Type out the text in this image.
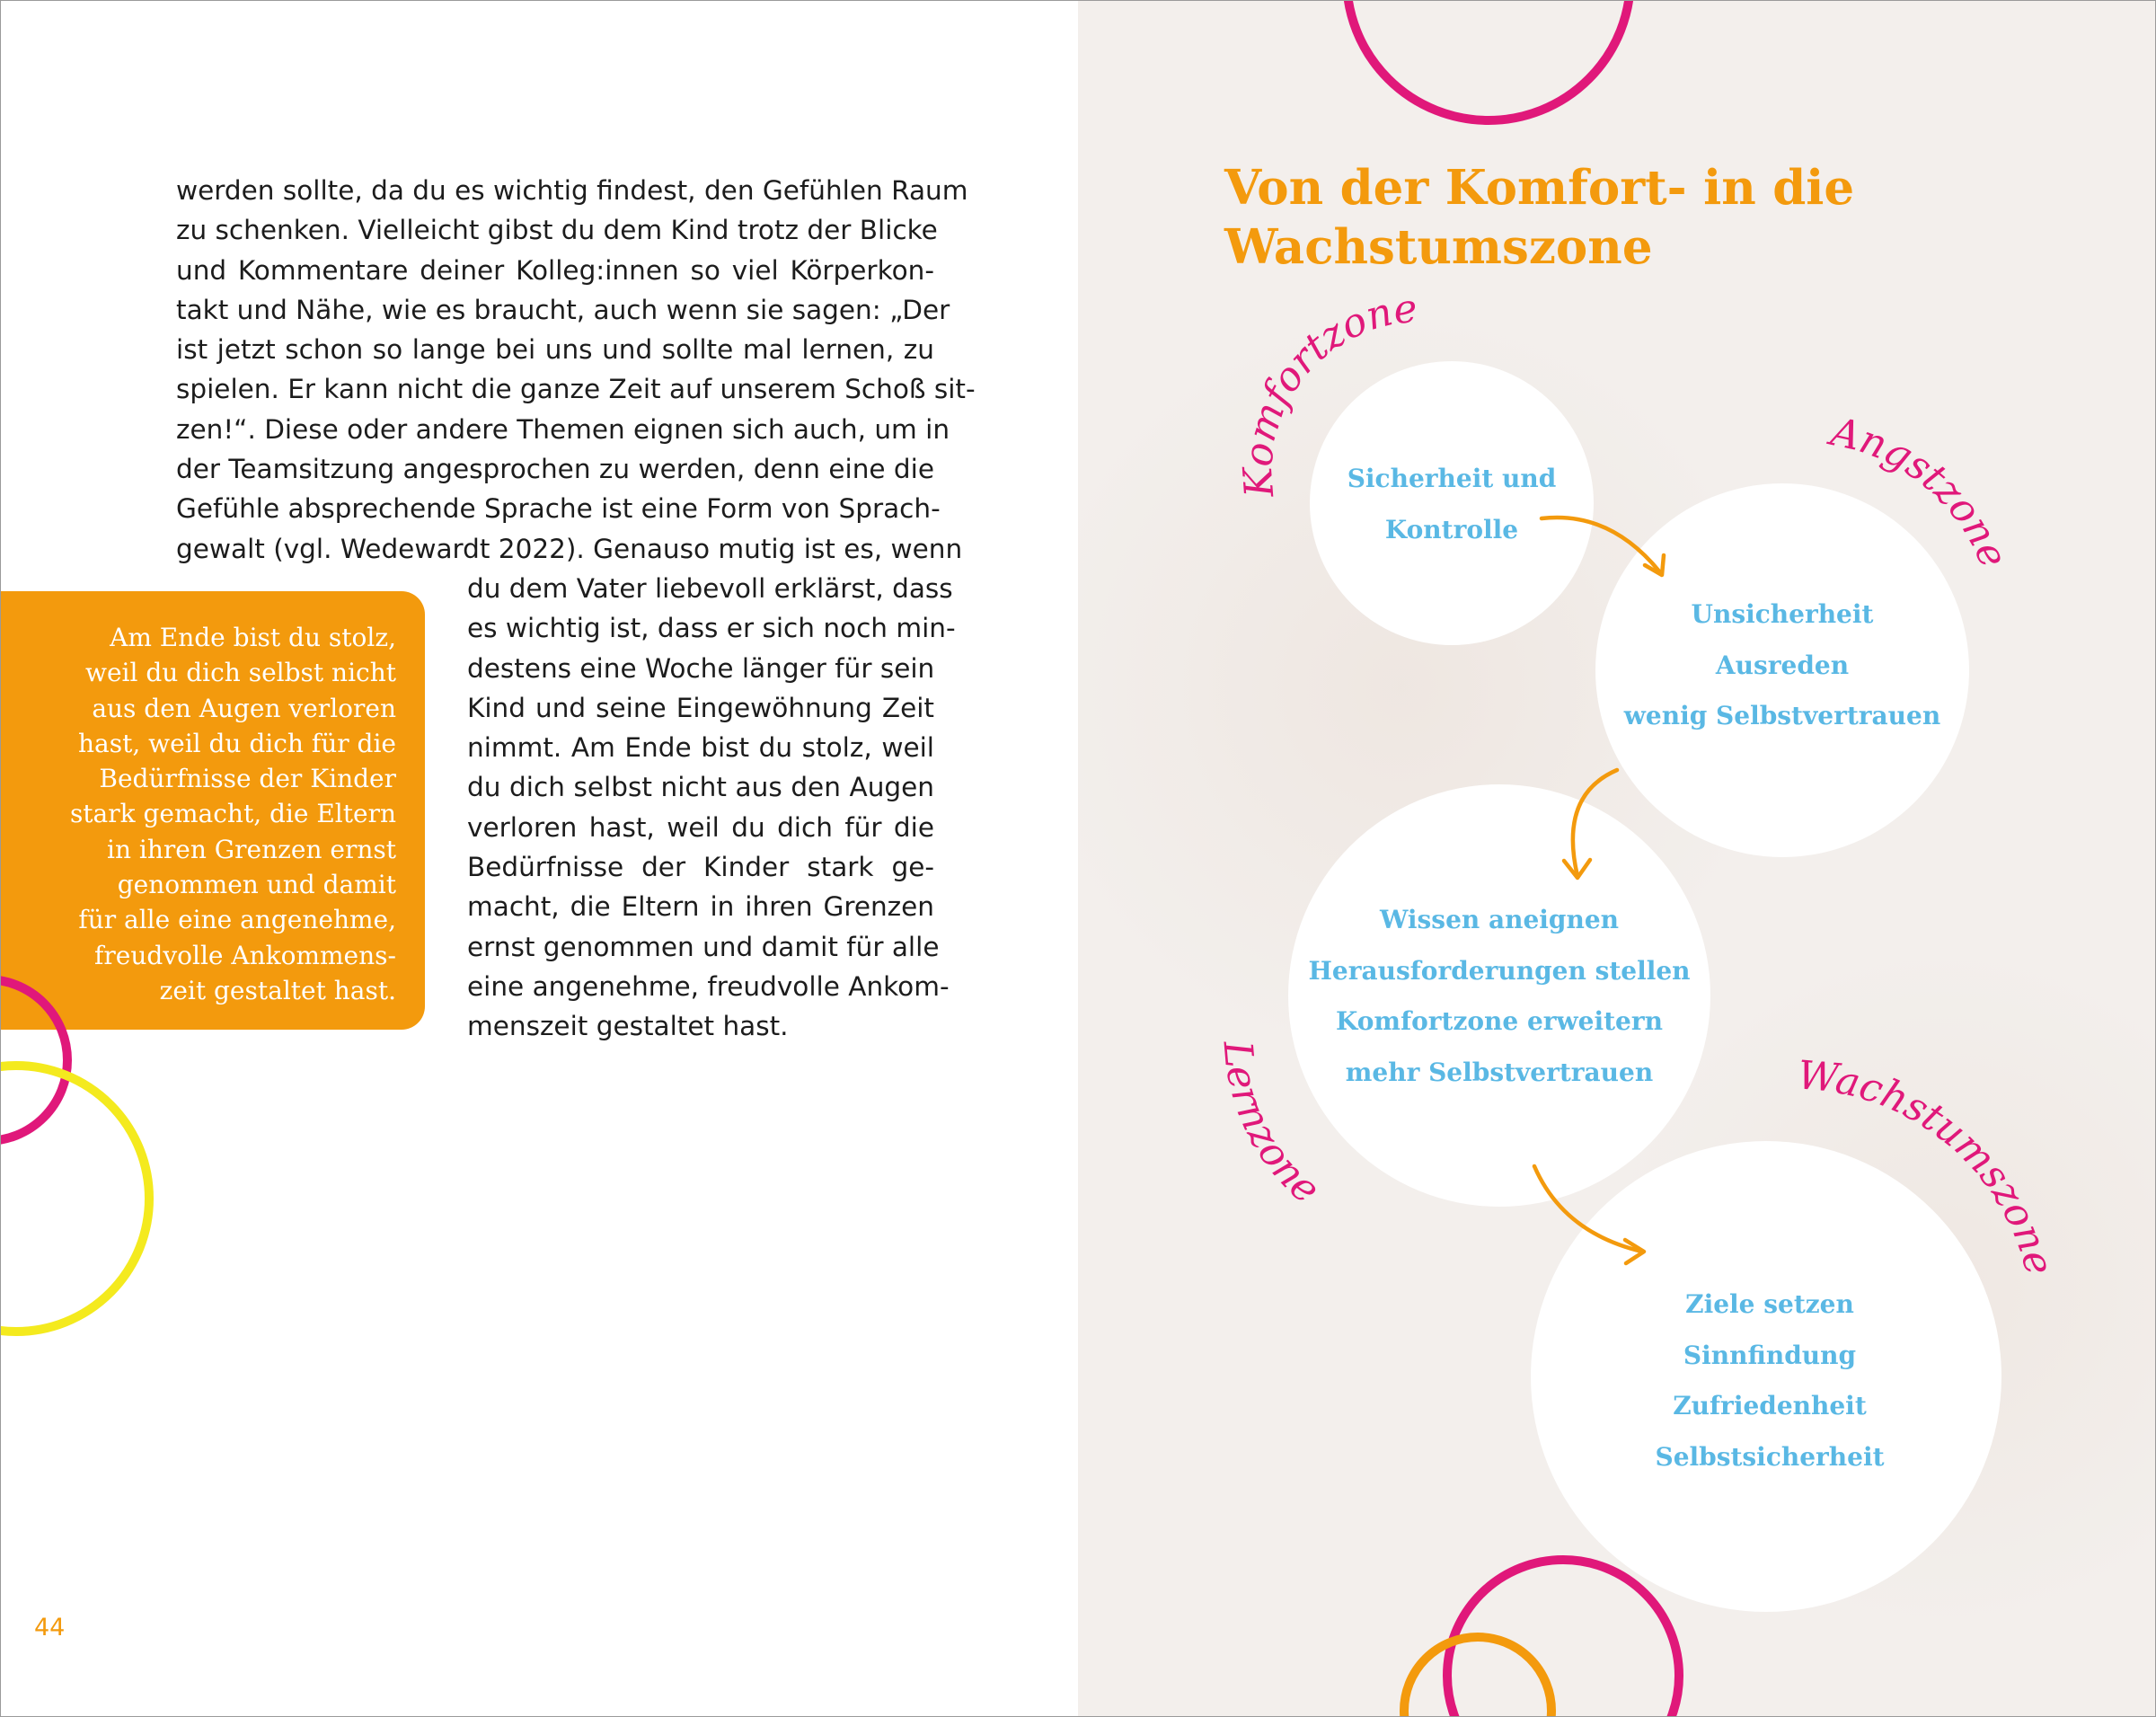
werden sollte, da du es wichtig findest, den Gefühlen Raum
zu schenken. Vielleicht gibst du dem Kind trotz der Blicke
und Kommentare deiner Kolleg:innen so viel Körperkon-
takt und Nähe, wie es braucht, auch wenn sie sagen: „Der
ist jetzt schon so lange bei uns und sollte mal lernen, zu
spielen. Er kann nicht die ganze Zeit auf unserem Schoß sit-
zen!“. Diese oder andere Themen eignen sich auch, um in
der Teamsitzung angesprochen zu werden, denn eine die
Gefühle absprechende Sprache ist eine Form von Sprach-
gewalt (vgl. Wedewardt 2022). Genauso mutig ist es, wenn
du dem Vater liebevoll erklärst, dass
es wichtig ist, dass er sich noch min-
destens eine Woche länger für sein
Kind und seine Eingewöhnung Zeit
nimmt. Am Ende bist du stolz, weil
du dich selbst nicht aus den Augen
verloren hast, weil du dich für die
Bedürfnisse der Kinder stark ge-
macht, die Eltern in ihren Grenzen
ernst genommen und damit für alle
eine angenehme, freudvolle Ankom-
menszeit gestaltet hast.
Am Ende bist du stolz,
weil du dich selbst nicht
aus den Augen verloren
hast, weil du dich für die
Bedürfnisse der Kinder
stark gemacht, die Eltern
in ihren Grenzen ernst
genommen und damit
für alle eine angenehme,
freudvolle Ankommens-
zeit gestaltet hast.
44
Von der Komfort- in die
Wachstumszone
Komfortzone
Angstzone
Lernzone
Wachstumszone
Sicherheit und
Kontrolle
Unsicherheit
Ausreden
wenig Selbstvertrauen
Wissen aneignen
Herausforderungen stellen
Komfortzone erweitern
mehr Selbstvertrauen
Ziele setzen
Sinnfindung
Zufriedenheit
Selbstsicherheit
